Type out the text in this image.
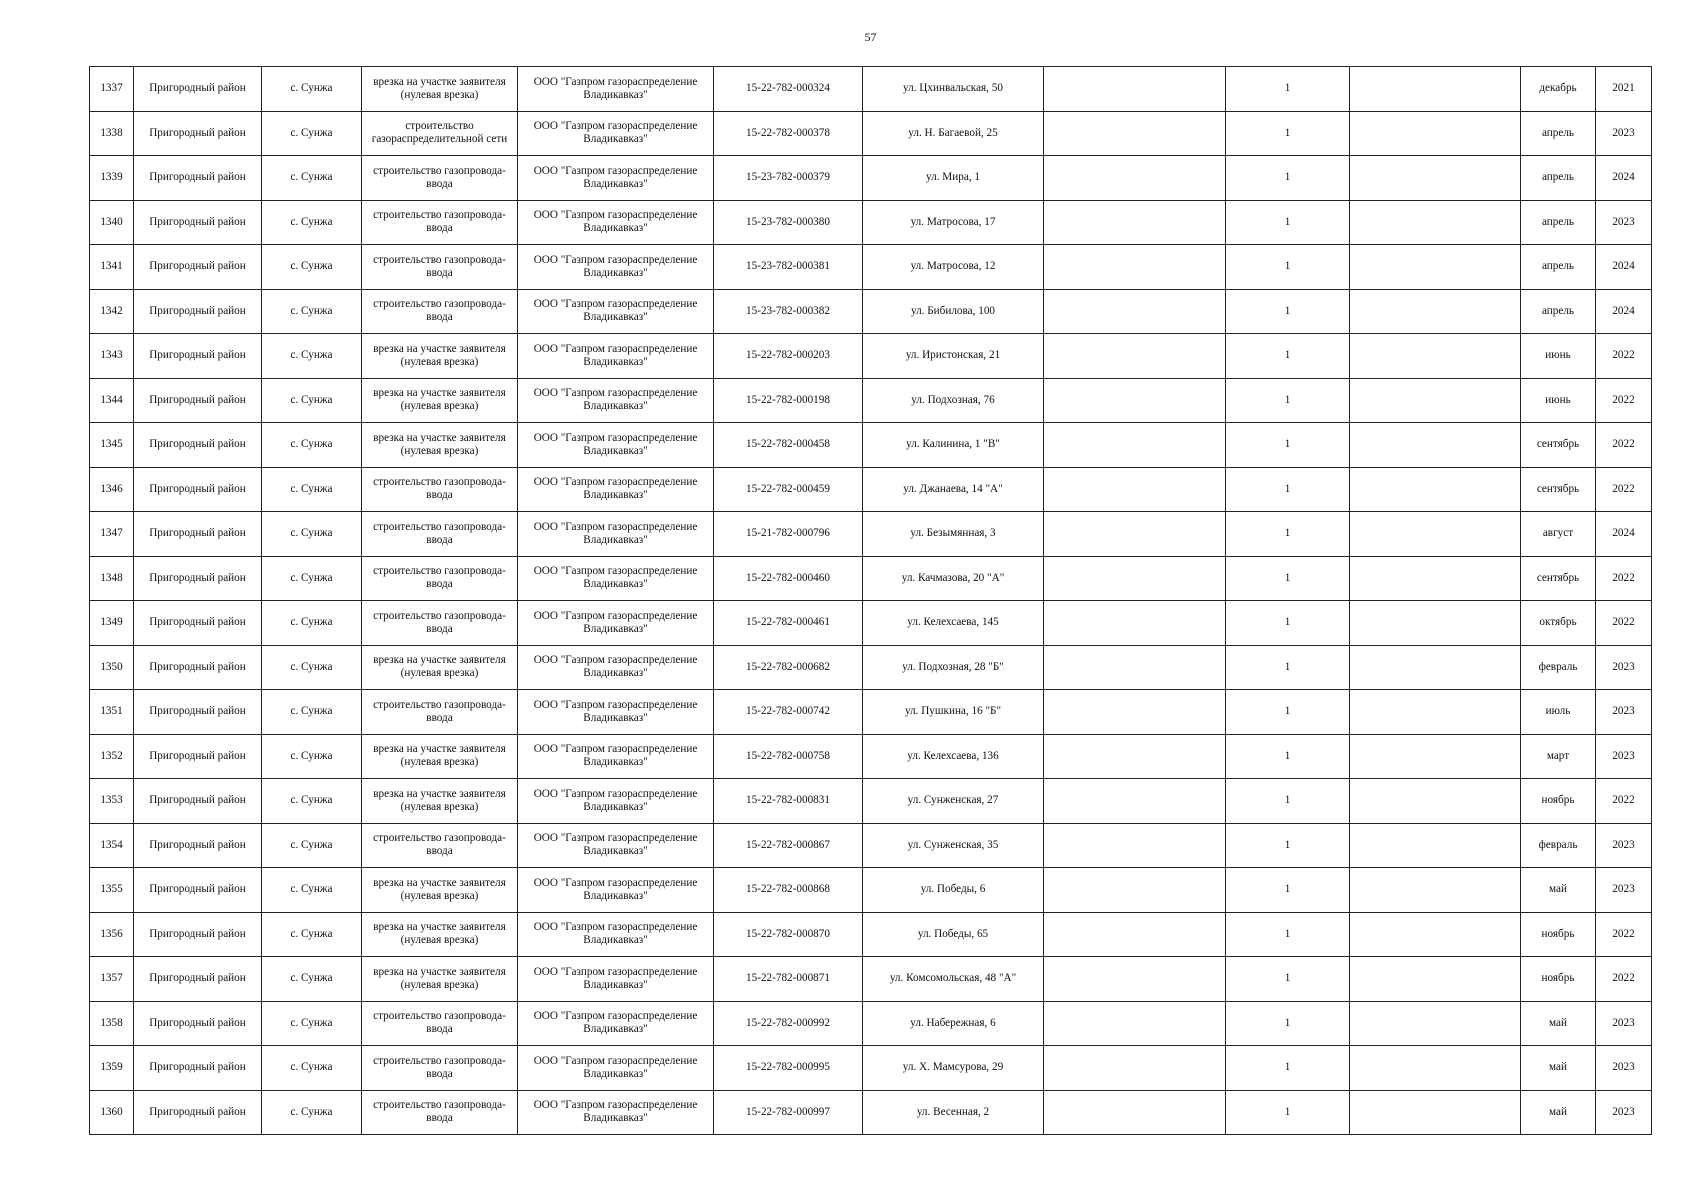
57
1337	Пригородный район	с. Сунжа	врезка на участке заявителя (нулевая врезка)	ООО "Газпром газораспределение Владикавказ"	15-22-782-000324	ул. Цхинвальская, 50		1		декабрь	2021
1338	Пригородный район	с. Сунжа	строительство газораспределительной сети	ООО "Газпром газораспределение Владикавказ"	15-22-782-000378	ул. Н. Багаевой, 25		1		апрель	2023
1339	Пригородный район	с. Сунжа	строительство газопровода-ввода	ООО "Газпром газораспределение Владикавказ"	15-23-782-000379	ул. Мира, 1		1		апрель	2024
1340	Пригородный район	с. Сунжа	строительство газопровода-ввода	ООО "Газпром газораспределение Владикавказ"	15-23-782-000380	ул. Матросова, 17		1		апрель	2023
1341	Пригородный район	с. Сунжа	строительство газопровода-ввода	ООО "Газпром газораспределение Владикавказ"	15-23-782-000381	ул. Матросова, 12		1		апрель	2024
1342	Пригородный район	с. Сунжа	строительство газопровода-ввода	ООО "Газпром газораспределение Владикавказ"	15-23-782-000382	ул. Бибилова, 100		1		апрель	2024
1343	Пригородный район	с. Сунжа	врезка на участке заявителя (нулевая врезка)	ООО "Газпром газораспределение Владикавказ"	15-22-782-000203	ул. Иристонская, 21		1		июнь	2022
1344	Пригородный район	с. Сунжа	врезка на участке заявителя (нулевая врезка)	ООО "Газпром газораспределение Владикавказ"	15-22-782-000198	ул. Подхозная, 76		1		июнь	2022
1345	Пригородный район	с. Сунжа	врезка на участке заявителя (нулевая врезка)	ООО "Газпром газораспределение Владикавказ"	15-22-782-000458	ул. Калинина, 1 "В"		1		сентябрь	2022
1346	Пригородный район	с. Сунжа	строительство газопровода-ввода	ООО "Газпром газораспределение Владикавказ"	15-22-782-000459	ул. Джанаева, 14 "А"		1		сентябрь	2022
1347	Пригородный район	с. Сунжа	строительство газопровода-ввода	ООО "Газпром газораспределение Владикавказ"	15-21-782-000796	ул. Безымянная, 3		1		август	2024
1348	Пригородный район	с. Сунжа	строительство газопровода-ввода	ООО "Газпром газораспределение Владикавказ"	15-22-782-000460	ул. Качмазова, 20 "А"		1		сентябрь	2022
1349	Пригородный район	с. Сунжа	строительство газопровода-ввода	ООО "Газпром газораспределение Владикавказ"	15-22-782-000461	ул. Келехсаева, 145		1		октябрь	2022
1350	Пригородный район	с. Сунжа	врезка на участке заявителя (нулевая врезка)	ООО "Газпром газораспределение Владикавказ"	15-22-782-000682	ул. Подхозная, 28 "Б"		1		февраль	2023
1351	Пригородный район	с. Сунжа	строительство газопровода-ввода	ООО "Газпром газораспределение Владикавказ"	15-22-782-000742	ул. Пушкина, 16 "Б"		1		июль	2023
1352	Пригородный район	с. Сунжа	врезка на участке заявителя (нулевая врезка)	ООО "Газпром газораспределение Владикавказ"	15-22-782-000758	ул. Келехсаева, 136		1		март	2023
1353	Пригородный район	с. Сунжа	врезка на участке заявителя (нулевая врезка)	ООО "Газпром газораспределение Владикавказ"	15-22-782-000831	ул. Сунженская, 27		1		ноябрь	2022
1354	Пригородный район	с. Сунжа	строительство газопровода-ввода	ООО "Газпром газораспределение Владикавказ"	15-22-782-000867	ул. Сунженская, 35		1		февраль	2023
1355	Пригородный район	с. Сунжа	врезка на участке заявителя (нулевая врезка)	ООО "Газпром газораспределение Владикавказ"	15-22-782-000868	ул. Победы, 6		1		май	2023
1356	Пригородный район	с. Сунжа	врезка на участке заявителя (нулевая врезка)	ООО "Газпром газораспределение Владикавказ"	15-22-782-000870	ул. Победы, 65		1		ноябрь	2022
1357	Пригородный район	с. Сунжа	врезка на участке заявителя (нулевая врезка)	ООО "Газпром газораспределение Владикавказ"	15-22-782-000871	ул. Комсомольская, 48 "А"		1		ноябрь	2022
1358	Пригородный район	с. Сунжа	строительство газопровода-ввода	ООО "Газпром газораспределение Владикавказ"	15-22-782-000992	ул. Набережная, 6		1		май	2023
1359	Пригородный район	с. Сунжа	строительство газопровода-ввода	ООО "Газпром газораспределение Владикавказ"	15-22-782-000995	ул. Х. Мамсурова, 29		1		май	2023
1360	Пригородный район	с. Сунжа	строительство газопровода-ввода	ООО "Газпром газораспределение Владикавказ"	15-22-782-000997	ул. Весенная, 2		1		май	2023
